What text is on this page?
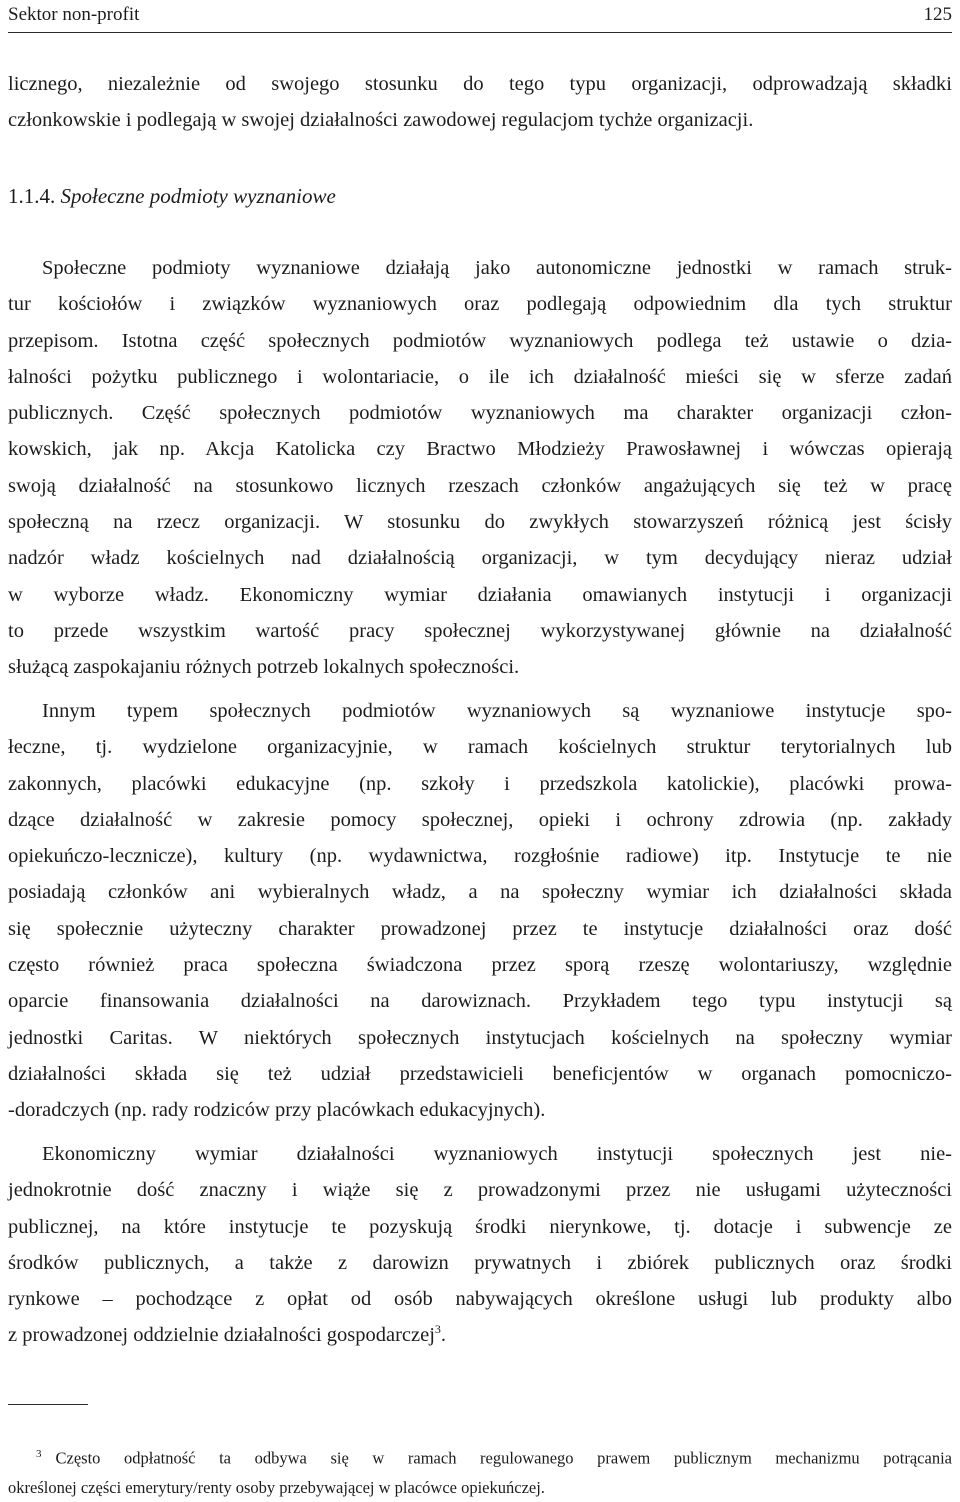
Sektor non-profit	125
licznego, niezależnie od swojego stosunku do tego typu organizacji, odprowadzają składki
członkowskie i podlegają w swojej działalności zawodowej regulacjom tychże organizacji.
1.1.4. Społeczne podmioty wyznaniowe
Społeczne podmioty wyznaniowe działają jako autonomiczne jednostki w ramach struk-
tur kościołów i związków wyznaniowych oraz podlegają odpowiednim dla tych struktur
przepisom. Istotna część społecznych podmiotów wyznaniowych podlega też ustawie o dzia-
łalności pożytku publicznego i wolontariacie, o ile ich działalność mieści się w sferze zadań
publicznych. Część społecznych podmiotów wyznaniowych ma charakter organizacji człon-
kowskich, jak np. Akcja Katolicka czy Bractwo Młodzieży Prawosławnej i wówczas opierają
swoją działalność na stosunkowo licznych rzeszach członków angażujących się też w pracę
społeczną na rzecz organizacji. W stosunku do zwykłych stowarzyszeń różnicą jest ścisły
nadzór władz kościelnych nad działalnością organizacji, w tym decydujący nieraz udział
w wyborze władz. Ekonomiczny wymiar działania omawianych instytucji i organizacji
to przede wszystkim wartość pracy społecznej wykorzystywanej głównie na działalność
służącą zaspokajaniu różnych potrzeb lokalnych społeczności.
Innym typem społecznych podmiotów wyznaniowych są wyznaniowe instytucje spo-
łeczne, tj. wydzielone organizacyjnie, w ramach kościelnych struktur terytorialnych lub
zakonnych, placówki edukacyjne (np. szkoły i przedszkola katolickie), placówki prowa-
dzące działalność w zakresie pomocy społecznej, opieki i ochrony zdrowia (np. zakłady
opiekuńczo-lecznicze), kultury (np. wydawnictwa, rozgłośnie radiowe) itp. Instytucje te nie
posiadają członków ani wybieralnych władz, a na społeczny wymiar ich działalności składa
się społecznie użyteczny charakter prowadzonej przez te instytucje działalności oraz dość
często również praca społeczna świadczona przez sporą rzeszę wolontariuszy, względnie
oparcie finansowania działalności na darowiznach. Przykładem tego typu instytucji są
jednostki Caritas. W niektórych społecznych instytucjach kościelnych na społeczny wymiar
działalności składa się też udział przedstawicieli beneficjentów w organach pomocniczo-
-doradczych (np. rady rodziców przy placówkach edukacyjnych).
Ekonomiczny wymiar działalności wyznaniowych instytucji społecznych jest nie-
jednokrotnie dość znaczny i wiąże się z prowadzonymi przez nie usługami użyteczności
publicznej, na które instytucje te pozyskują środki nierynkowe, tj. dotacje i subwencje ze
środków publicznych, a także z darowizn prywatnych i zbiórek publicznych oraz środki
rynkowe – pochodzące z opłat od osób nabywających określone usługi lub produkty albo
z prowadzonej oddzielnie działalności gospodarczej$^3$.
$^3$ Często odpłatność ta odbywa się w ramach regulowanego prawem publicznym mechanizmu potrącania
określonej części emerytury/renty osoby przebywającej w placówce opiekuńczej.
